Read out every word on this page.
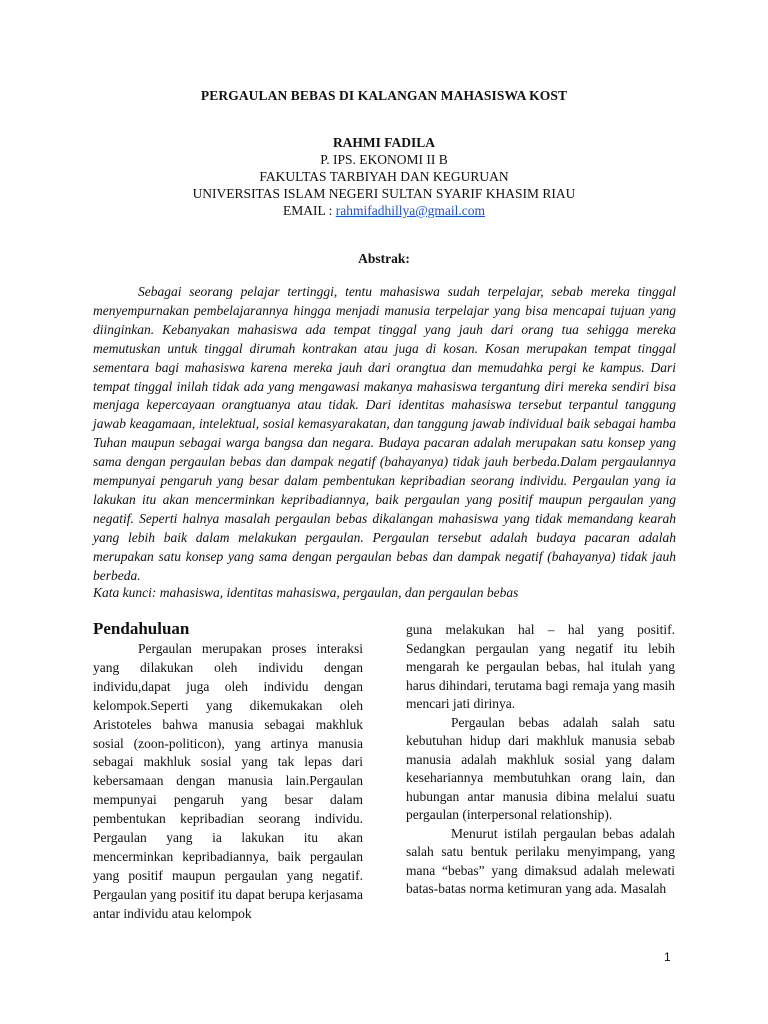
PERGAULAN BEBAS DI KALANGAN MAHASISWA KOST
RAHMI FADILA
P. IPS. EKONOMI II B
FAKULTAS TARBIYAH DAN KEGURUAN
UNIVERSITAS ISLAM NEGERI SULTAN SYARIF KHASIM RIAU
EMAIL : rahmifadhillya@gmail.com
Abstrak:

Sebagai seorang pelajar tertinggi, tentu mahasiswa sudah terpelajar, sebab mereka tinggal menyempurnakan pembelajarannya hingga menjadi manusia terpelajar yang bisa mencapai tujuan yang diinginkan. Kebanyakan mahasiswa ada tempat tinggal yang jauh dari orang tua sehigga mereka memutuskan untuk tinggal dirumah kontrakan atau juga di kosan. Kosan merupakan tempat tinggal sementara bagi mahasiswa karena mereka jauh dari orangtua dan memudahka pergi ke kampus. Dari tempat tinggal inilah tidak ada yang mengawasi makanya mahasiswa tergantung diri mereka sendiri bisa menjaga kepercayaan orangtuanya atau tidak. Dari identitas mahasiswa tersebut terpantul tanggung jawab keagamaan, intelektual, sosial kemasyarakatan, dan tanggung jawab individual baik sebagai hamba Tuhan maupun sebagai warga bangsa dan negara. Budaya pacaran adalah merupakan satu konsep yang sama dengan pergaulan bebas dan dampak negatif (bahayanya) tidak jauh berbeda.Dalam pergaulannya mempunyai pengaruh yang besar dalam pembentukan kepribadian seorang individu. Pergaulan yang ia lakukan itu akan mencerminkan kepribadiannya, baik pergaulan yang positif maupun pergaulan yang negatif. Seperti halnya masalah pergaulan bebas dikalangan mahasiswa yang tidak memandang kearah yang lebih baik dalam melakukan pergaulan. Pergaulan tersebut adalah budaya pacaran adalah merupakan satu konsep yang sama dengan pergaulan bebas dan dampak negatif (bahayanya) tidak jauh berbeda.

Kata kunci: mahasiswa, identitas mahasiswa, pergaulan, dan pergaulan bebas

Pendahuluan

Pergaulan merupakan proses interaksi yang dilakukan oleh individu dengan individu,dapat juga oleh individu dengan kelompok.Seperti yang dikemukakan oleh Aristoteles bahwa manusia sebagai makhluk sosial (zoon-politicon), yang artinya manusia sebagai makhluk sosial yang tak lepas dari kebersamaan dengan manusia lain.Pergaulan mempunyai pengaruh yang besar dalam pembentukan kepribadian seorang individu. Pergaulan yang ia lakukan itu akan mencerminkan kepribadiannya, baik pergaulan yang positif maupun pergaulan yang negatif. Pergaulan yang positif itu dapat berupa kerjasama antar individu atau kelompok

guna melakukan hal – hal yang positif. Sedangkan pergaulan yang negatif itu lebih mengarah ke pergaulan bebas, hal itulah yang harus dihindari, terutama bagi remaja yang masih mencari jati dirinya.

Pergaulan bebas adalah salah satu kebutuhan hidup dari makhluk manusia sebab manusia adalah makhluk sosial yang dalam kesehariannya membutuhkan orang lain, dan hubungan antar manusia dibina melalui suatu pergaulan (interpersonal relationship).

Menurut istilah pergaulan bebas adalah salah satu bentuk perilaku menyimpang, yang mana “bebas” yang dimaksud adalah melewati batas-batas norma ketimuran yang ada. Masalah

1
